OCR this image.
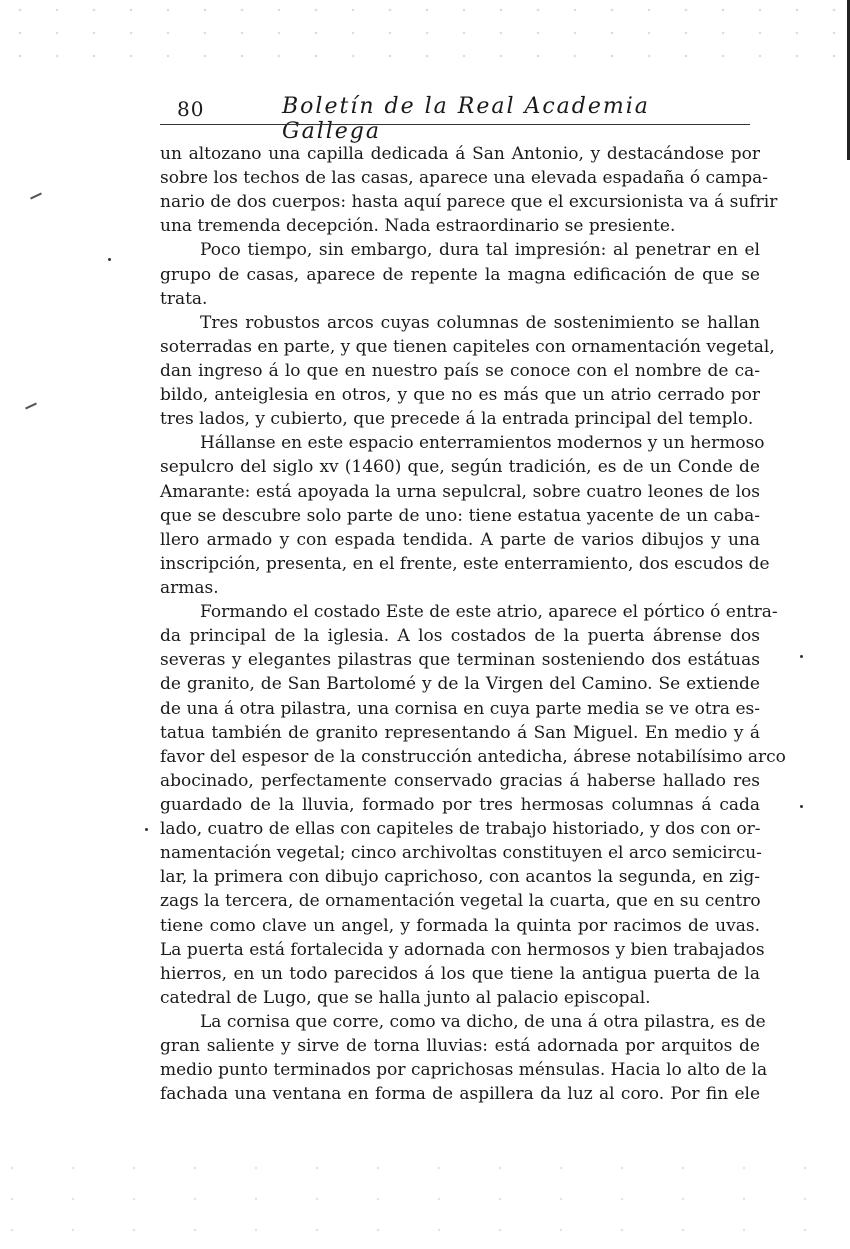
80	Boletín de la Real Academia Gallega
un altozano una capilla dedicada á San Antonio, y destacándose por
sobre los techos de las casas, aparece una elevada espadaña ó campa-
nario de dos cuerpos: hasta aquí parece que el excursionista va á sufrir
una tremenda decepción. Nada estraordinario se presiente.
Poco tiempo, sin embargo, dura tal impresión: al penetrar en el
grupo de casas, aparece de repente la magna edificación de que se
trata.
Tres robustos arcos cuyas columnas de sostenimiento se hallan
soterradas en parte, y que tienen capiteles con ornamentación vegetal,
dan ingreso á lo que en nuestro país se conoce con el nombre de ca-
bildo, anteiglesia en otros, y que no es más que un atrio cerrado por
tres lados, y cubierto, que precede á la entrada principal del templo.
Hállanse en este espacio enterramientos modernos y un hermoso
sepulcro del siglo xv (1460) que, según tradición, es de un Conde de
Amarante: está apoyada la urna sepulcral, sobre cuatro leones de los
que se descubre solo parte de uno: tiene estatua yacente de un caba-
llero armado y con espada tendida. A parte de varios dibujos y una
inscripción, presenta, en el frente, este enterramiento, dos escudos de
armas.
Formando el costado Este de este atrio, aparece el pórtico ó entra-
da principal de la iglesia. A los costados de la puerta ábrense dos
severas y elegantes pilastras que terminan sosteniendo dos estátuas
de granito, de San Bartolomé y de la Virgen del Camino. Se extiende
de una á otra pilastra, una cornisa en cuya parte media se ve otra es-
tatua también de granito representando á San Miguel. En medio y á
favor del espesor de la construcción antedicha, ábrese notabilísimo arco
abocinado, perfectamente conservado gracias á haberse hallado res
guardado de la lluvia, formado por tres hermosas columnas á cada
lado, cuatro de ellas con capiteles de trabajo historiado, y dos con or-
namentación vegetal; cinco archivoltas constituyen el arco semicircu-
lar, la primera con dibujo caprichoso, con acantos la segunda, en zig-
zags la tercera, de ornamentación vegetal la cuarta, que en su centro
tiene como clave un angel, y formada la quinta por racimos de uvas.
La puerta está fortalecida y adornada con hermosos y bien trabajados
hierros, en un todo parecidos á los que tiene la antigua puerta de la
catedral de Lugo, que se halla junto al palacio episcopal.
La cornisa que corre, como va dicho, de una á otra pilastra, es de
gran saliente y sirve de torna lluvias: está adornada por arquitos de
medio punto terminados por caprichosas ménsulas. Hacia lo alto de la
fachada una ventana en forma de aspillera da luz al coro. Por fin ele
